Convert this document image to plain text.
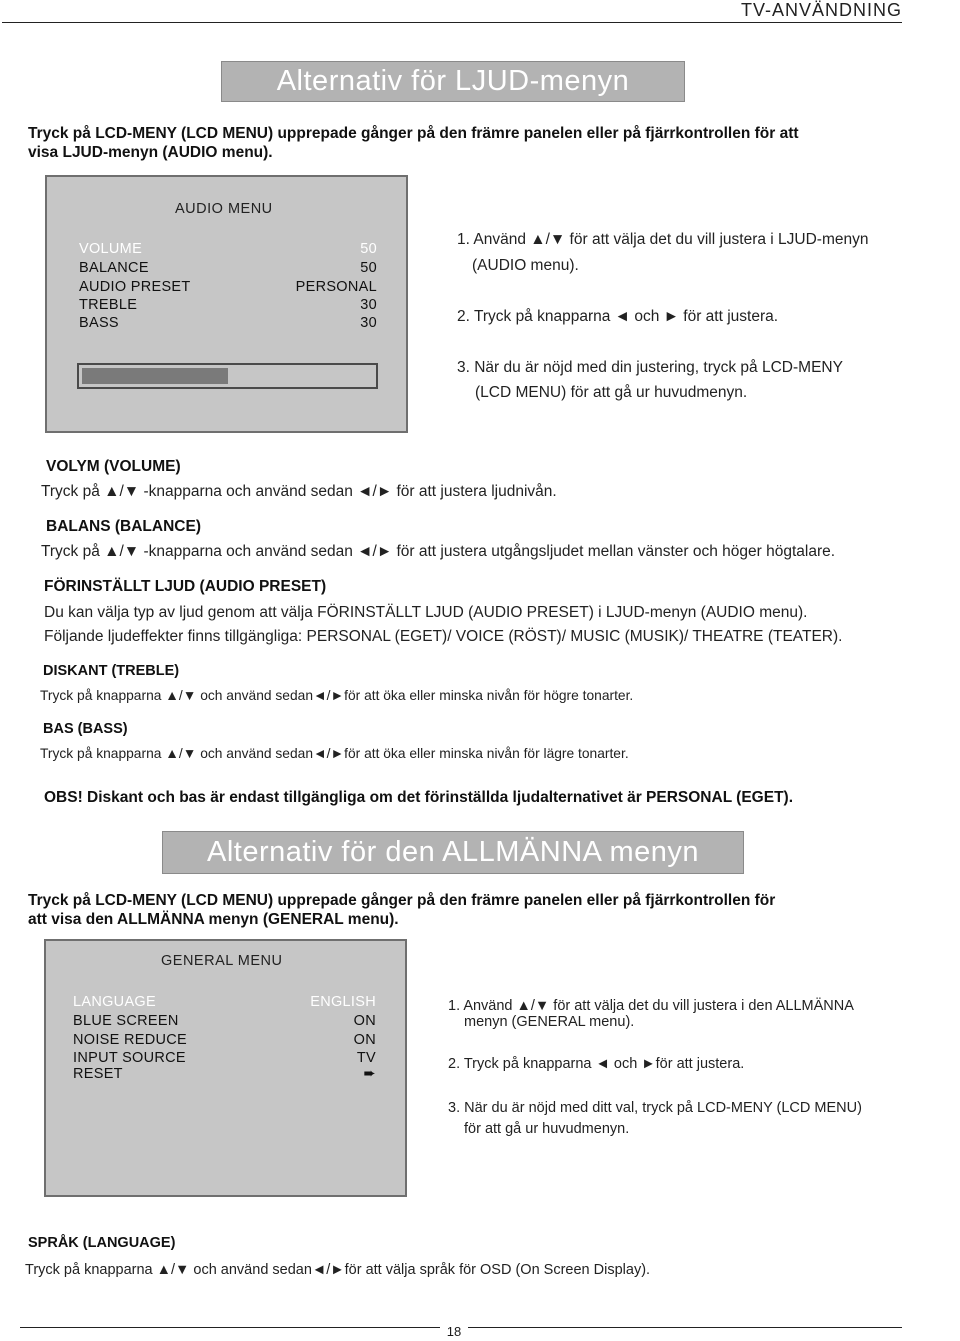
TV-ANVÄNDNING
Alternativ för LJUD-menyn
Tryck på LCD-MENY (LCD MENU) upprepade gånger på den främre panelen eller på fjärrkontrollen för att
visa LJUD-menyn (AUDIO menu).
AUDIO MENU
VOLUME	50
BALANCE	50
AUDIO PRESET	PERSONAL
TREBLE	30
BASS	30
1. Använd ▲/▼ för att välja det du vill justera i LJUD-menyn
(AUDIO menu).
2. Tryck på knapparna ◄ och ► för att justera.
3. När du är nöjd med din justering, tryck på LCD-MENY
(LCD MENU) för att gå ur huvudmenyn.
VOLYM (VOLUME)
Tryck på ▲/▼ -knapparna och använd sedan ◄/► för att justera ljudnivån.
BALANS (BALANCE)
Tryck på ▲/▼ -knapparna och använd sedan ◄/► för att justera utgångsljudet mellan vänster och höger högtalare.
FÖRINSTÄLLT LJUD (AUDIO PRESET)
Du kan välja typ av ljud genom att välja FÖRINSTÄLLT LJUD (AUDIO PRESET) i LJUD-menyn (AUDIO menu).
Följande ljudeffekter finns tillgängliga: PERSONAL (EGET)/ VOICE (RÖST)/ MUSIC (MUSIK)/ THEATRE (TEATER).
DISKANT (TREBLE)
Tryck på knapparna ▲/▼ och använd sedan◄/►för att öka eller minska nivån för högre tonarter.
BAS (BASS)
Tryck på knapparna ▲/▼ och använd sedan◄/►för att öka eller minska nivån för lägre tonarter.
OBS! Diskant och bas är endast tillgängliga om det förinställda ljudalternativet är PERSONAL (EGET).
Alternativ för den ALLMÄNNA menyn
Tryck på LCD-MENY (LCD MENU) upprepade gånger på den främre panelen eller på fjärrkontrollen för
att visa den ALLMÄNNA menyn (GENERAL menu).
GENERAL MENU
LANGUAGE	ENGLISH
BLUE SCREEN	ON
NOISE REDUCE	ON
INPUT SOURCE	TV
RESET	➨
1. Använd ▲/▼ för att välja det du vill justera i den ALLMÄNNA
menyn (GENERAL menu).
2. Tryck på knapparna ◄ och ►för att justera.
3. När du är nöjd med ditt val, tryck på LCD-MENY (LCD MENU)
för att gå ur huvudmenyn.
SPRÅK (LANGUAGE)
Tryck på knapparna ▲/▼ och använd sedan◄/►för att välja språk för OSD (On Screen Display).
18
